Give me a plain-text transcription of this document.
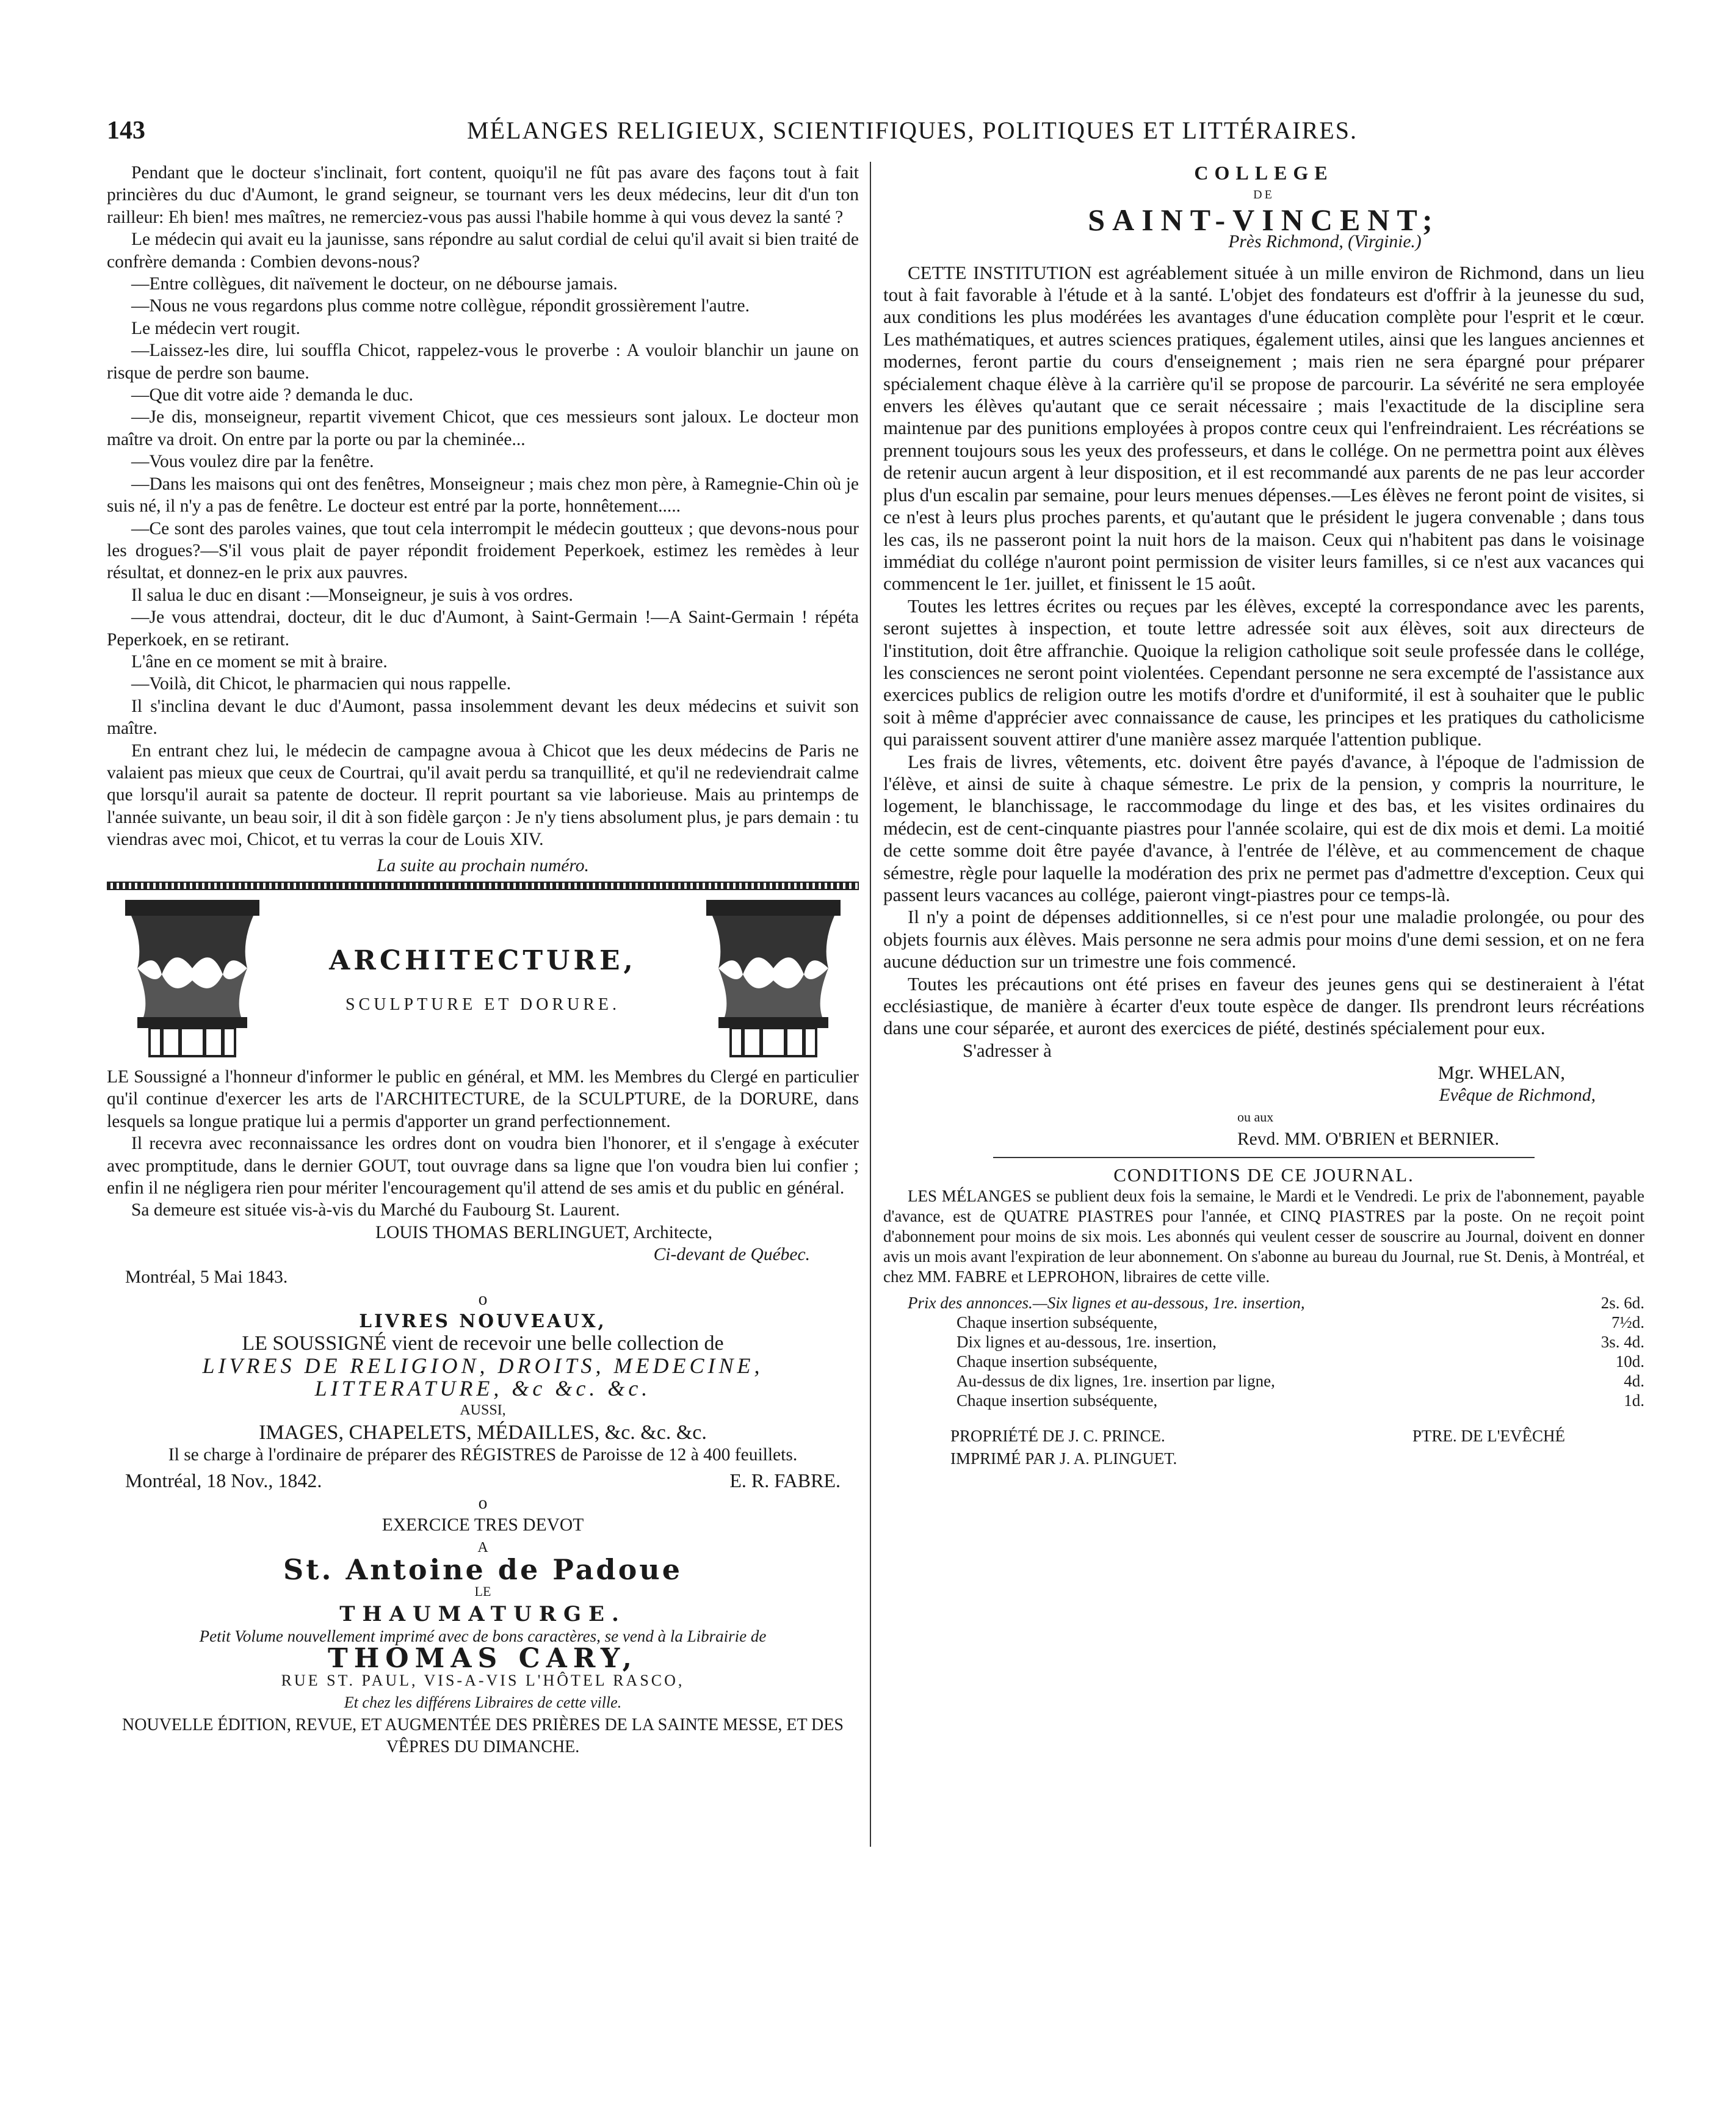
143	MÉLANGES RELIGIEUX, SCIENTIFIQUES, POLITIQUES ET LITTÉRAIRES.

Pendant que le docteur s'inclinait, fort content, quoiqu'il ne fût pas avare des façons tout à fait princières du duc d'Aumont, le grand seigneur, se tournant vers les deux médecins, leur dit d'un ton railleur: Eh bien! mes maîtres, ne remerciez-vous pas aussi l'habile homme à qui vous devez la santé ?

Le médecin qui avait eu la jaunisse, sans répondre au salut cordial de celui qu'il avait si bien traité de confrère demanda : Combien devons-nous?

—Entre collègues, dit naïvement le docteur, on ne débourse jamais.

—Nous ne vous regardons plus comme notre collègue, répondit grossièrement l'autre.

Le médecin vert rougit.

—Laissez-les dire, lui souffla Chicot, rappelez-vous le proverbe : A vouloir blanchir un jaune on risque de perdre son baume.

—Que dit votre aide ? demanda le duc.

—Je dis, monseigneur, repartit vivement Chicot, que ces messieurs sont jaloux. Le docteur mon maître va droit. On entre par la porte ou par la cheminée...

—Vous voulez dire par la fenêtre.

—Dans les maisons qui ont des fenêtres, Monseigneur ; mais chez mon père, à Ramegnie-Chin où je suis né, il n'y a pas de fenêtre. Le docteur est entré par la porte, honnêtement.....

—Ce sont des paroles vaines, que tout cela interrompit le médecin goutteux ; que devons-nous pour les drogues?—S'il vous plait de payer répondit froidement Peperkoek, estimez les remèdes à leur résultat, et donnez-en le prix aux pauvres.

Il salua le duc en disant :—Monseigneur, je suis à vos ordres.

—Je vous attendrai, docteur, dit le duc d'Aumont, à Saint-Germain !—A Saint-Germain ! répéta Peperkoek, en se retirant.

L'âne en ce moment se mit à braire.

—Voilà, dit Chicot, le pharmacien qui nous rappelle.

Il s'inclina devant le duc d'Aumont, passa insolemment devant les deux médecins et suivit son maître.

En entrant chez lui, le médecin de campagne avoua à Chicot que les deux médecins de Paris ne valaient pas mieux que ceux de Courtrai, qu'il avait perdu sa tranquillité, et qu'il ne redeviendrait calme que lorsqu'il aurait sa patente de docteur. Il reprit pourtant sa vie laborieuse. Mais au printemps de l'année suivante, un beau soir, il dit à son fidèle garçon : Je n'y tiens absolument plus, je pars demain : tu viendras avec moi, Chicot, et tu verras la cour de Louis XIV.

La suite au prochain numéro.

ARCHITECTURE,
SCULPTURE ET DORURE.

LE Soussigné a l'honneur d'informer le public en général, et MM. les Membres du Clergé en particulier qu'il continue d'exercer les arts de l'ARCHITECTURE, de la SCULPTURE, de la DORURE, dans lesquels sa longue pratique lui a permis d'apporter un grand perfectionnement.

Il recevra avec reconnaissance les ordres dont on voudra bien l'honorer, et il s'engage à exécuter avec promptitude, dans le dernier GOUT, tout ouvrage dans sa ligne que l'on voudra bien lui confier ; enfin il ne négligera rien pour mériter l'encouragement qu'il attend de ses amis et du public en général.

Sa demeure est située vis-à-vis du Marché du Faubourg St. Laurent.

LOUIS THOMAS BERLINGUET, Architecte,

Ci-devant de Québec.

Montréal, 5 Mai 1843.

o

LIVRES NOUVEAUX,

LE SOUSSIGNÉ vient de recevoir une belle collection de

LIVRES DE RELIGION, DROITS, MEDECINE, LITTERATURE, &c &c. &c.

AUSSI,

IMAGES, CHAPELETS, MÉDAILLES, &c. &c. &c.

Il se charge à l'ordinaire de préparer des RÉGISTRES de Paroisse de 12 à 400 feuillets.

Montréal, 18 Nov., 1842.	E. R. FABRE.

o

EXERCICE TRES DEVOT

A

St. Antoine de Padoue

LE

THAUMATURGE.

Petit Volume nouvellement imprimé avec de bons caractères, se vend à la Librairie de

THOMAS CARY,

RUE ST. PAUL, VIS-A-VIS L'HÔTEL RASCO,

Et chez les différens Libraires de cette ville.

NOUVELLE ÉDITION, REVUE, ET AUGMENTÉE DES PRIÈRES DE LA SAINTE MESSE, ET DES VÊPRES DU DIMANCHE.

COLLEGE

DE

SAINT-VINCENT;

Près Richmond, (Virginie.)

CETTE INSTITUTION est agréablement située à un mille environ de Richmond, dans un lieu tout à fait favorable à l'étude et à la santé. L'objet des fondateurs est d'offrir à la jeunesse du sud, aux conditions les plus modérées les avantages d'une éducation complète pour l'esprit et le cœur. Les mathématiques, et autres sciences pratiques, également utiles, ainsi que les langues anciennes et modernes, feront partie du cours d'enseignement ; mais rien ne sera épargné pour préparer spécialement chaque élève à la carrière qu'il se propose de parcourir. La sévérité ne sera employée envers les élèves qu'autant que ce serait nécessaire ; mais l'exactitude de la discipline sera maintenue par des punitions employées à propos contre ceux qui l'enfreindraient. Les récréations se prennent toujours sous les yeux des professeurs, et dans le collége. On ne permettra point aux élèves de retenir aucun argent à leur disposition, et il est recommandé aux parents de ne pas leur accorder plus d'un escalin par semaine, pour leurs menues dépenses.—Les élèves ne feront point de visites, si ce n'est à leurs plus proches parents, et qu'autant que le président le jugera convenable ; dans tous les cas, ils ne passeront point la nuit hors de la maison. Ceux qui n'habitent pas dans le voisinage immédiat du collége n'auront point permission de visiter leurs familles, si ce n'est aux vacances qui commencent le 1er. juillet, et finissent le 15 août.

Toutes les lettres écrites ou reçues par les élèves, excepté la correspondance avec les parents, seront sujettes à inspection, et toute lettre adressée soit aux élèves, soit aux directeurs de l'institution, doit être affranchie. Quoique la religion catholique soit seule professée dans le collége, les consciences ne seront point violentées. Cependant personne ne sera excempté de l'assistance aux exercices publics de religion outre les motifs d'ordre et d'uniformité, il est à souhaiter que le public soit à même d'apprécier avec connaissance de cause, les principes et les pratiques du catholicisme qui paraissent souvent attirer d'une manière assez marquée l'attention publique.

Les frais de livres, vêtements, etc. doivent être payés d'avance, à l'époque de l'admission de l'élève, et ainsi de suite à chaque sémestre. Le prix de la pension, y compris la nourriture, le logement, le blanchissage, le raccommodage du linge et des bas, et les visites ordinaires du médecin, est de cent-cinquante piastres pour l'année scolaire, qui est de dix mois et demi. La moitié de cette somme doit être payée d'avance, à l'entrée de l'élève, et au commencement de chaque sémestre, règle pour laquelle la modération des prix ne permet pas d'admettre d'exception. Ceux qui passent leurs vacances au collége, paieront vingt-piastres pour ce temps-là.

Il n'y a point de dépenses additionnelles, si ce n'est pour une maladie prolongée, ou pour des objets fournis aux élèves. Mais personne ne sera admis pour moins d'une demi session, et on ne fera aucune déduction sur un trimestre une fois commencé.

Toutes les précautions ont été prises en faveur des jeunes gens qui se destineraient à l'état ecclésiastique, de manière à écarter d'eux toute espèce de danger. Ils prendront leurs récréations dans une cour séparée, et auront des exercices de piété, destinés spécialement pour eux.

S'adresser à

Mgr. WHELAN,

Evêque de Richmond,

ou aux

Revd. MM. O'BRIEN et BERNIER.

CONDITIONS DE CE JOURNAL.

LES MÉLANGES se publient deux fois la semaine, le Mardi et le Vendredi. Le prix de l'abonnement, payable d'avance, est de QUATRE PIASTRES pour l'année, et CINQ PIASTRES par la poste. On ne reçoit point d'abonnement pour moins de six mois. Les abonnés qui veulent cesser de souscrire au Journal, doivent en donner avis un mois avant l'expiration de leur abonnement. On s'abonne au bureau du Journal, rue St. Denis, à Montréal, et chez MM. FABRE et LEPROHON, libraires de cette ville.

Prix des annonces.—Six lignes et au-dessous, 1re. insertion,	2s. 6d.
Chaque insertion subséquente,	7½d.
Dix lignes et au-dessous, 1re. insertion,	3s. 4d.
Chaque insertion subséquente,	10d.
Au-dessus de dix lignes, 1re. insertion par ligne,	4d.
Chaque insertion subséquente,	1d.
PROPRIÉTÉ DE J. C. PRINCE.	PTRE. DE L'EVÊCHÉ

IMPRIMÉ PAR J. A. PLINGUET.
